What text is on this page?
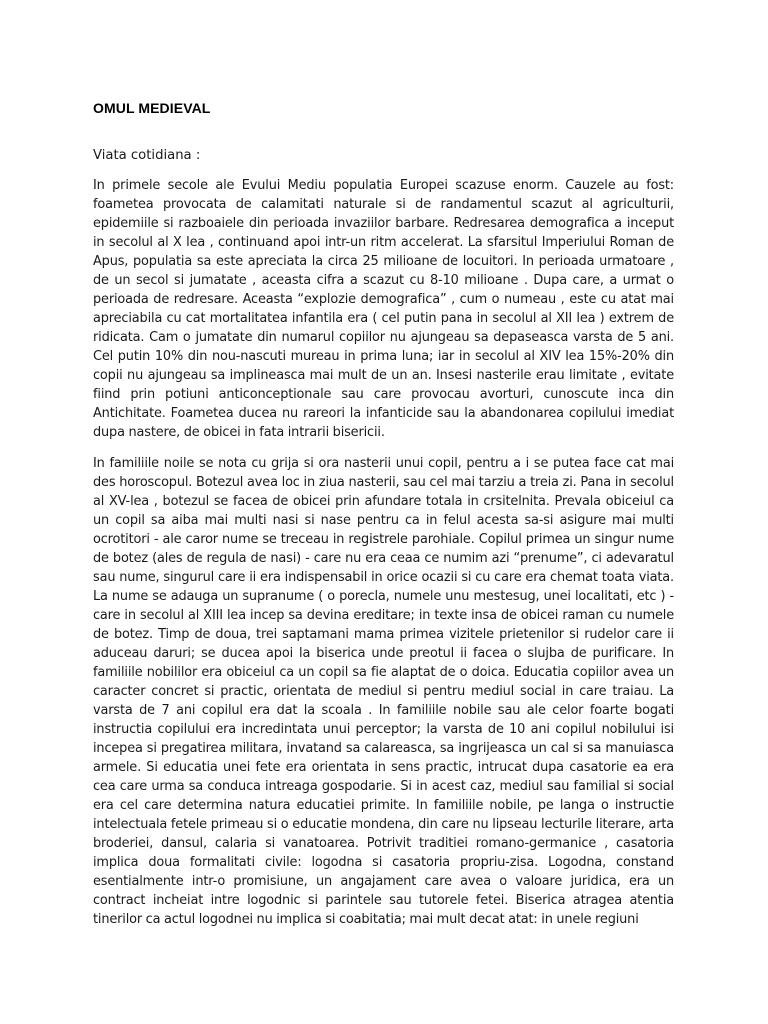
OMUL MEDIEVAL

Viata cotidiana :

In primele secole ale Evului Mediu populatia Europei scazuse enorm. Cauzele au fost: foametea provocata de calamitati naturale si de randamentul scazut al agriculturii, epidemiile si razboaiele din perioada invaziilor barbare. Redresarea demografica a inceput in secolul al X lea , continuand apoi intr-un ritm accelerat. La sfarsitul Imperiului Roman de Apus, populatia sa este apreciata la circa 25 milioane de locuitori. In perioada urmatoare , de un secol si jumatate , aceasta cifra a scazut cu 8-10 milioane . Dupa care, a urmat o perioada de redresare. Aceasta “explozie demografica” , cum o numeau , este cu atat mai apreciabila cu cat mortalitatea infantila era ( cel putin pana in secolul al XII lea ) extrem de ridicata. Cam o jumatate din numarul copiilor nu ajungeau sa depaseasca varsta de 5 ani. Cel putin 10% din nou-nascuti mureau in prima luna; iar in secolul al XIV lea 15%-20% din copii nu ajungeau sa implineasca mai mult de un an. Insesi nasterile erau limitate , evitate fiind prin potiuni anticonceptionale sau care provocau avorturi, cunoscute inca din Antichitate. Foametea ducea nu rareori la infanticide sau la abandonarea copilului imediat dupa nastere, de obicei in fata intrarii bisericii.

In familiile noile se nota cu grija si ora nasterii unui copil, pentru a i se putea face cat mai des horoscopul. Botezul avea loc in ziua nasterii, sau cel mai tarziu a treia zi. Pana in secolul al XV-lea , botezul se facea de obicei prin afundare totala in crsitelnita. Prevala obiceiul ca un copil sa aiba mai multi nasi si nase pentru ca in felul acesta sa-si asigure mai multi ocrotitori - ale caror nume se treceau in registrele parohiale. Copilul primea un singur nume de botez (ales de regula de nasi) - care nu era ceaa ce numim azi “prenume”, ci adevaratul sau nume, singurul care ii era indispensabil in orice ocazii si cu care era chemat toata viata. La nume se adauga un supranume ( o porecla, numele unu mestesug, unei localitati, etc ) - care in secolul al XIII lea incep sa devina ereditare; in texte insa de obicei raman cu numele de botez. Timp de doua, trei saptamani mama primea vizitele prietenilor si rudelor care ii aduceau daruri; se ducea apoi la biserica unde preotul ii facea o slujba de purificare. In familiile nobililor era obiceiul ca un copil sa fie alaptat de o doica. Educatia copiilor avea un caracter concret si practic, orientata de mediul si pentru mediul social in care traiau. La varsta de 7 ani copilul era dat la scoala . In familiile nobile sau ale celor foarte bogati instructia copilului era incredintata unui perceptor; la varsta de 10 ani copilul nobilului isi incepea si pregatirea militara, invatand sa calareasca, sa ingrijeasca un cal si sa manuiasca armele. Si educatia unei fete era orientata in sens practic, intrucat dupa casatorie ea era cea care urma sa conduca intreaga gospodarie. Si in acest caz, mediul sau familial si social era cel care determina natura educatiei primite. In familiile nobile, pe langa o instructie intelectuala fetele primeau si o educatie mondena, din care nu lipseau lecturile literare, arta broderiei, dansul, calaria si vanatoarea. Potrivit traditiei romano-germanice , casatoria implica doua formalitati civile: logodna si casatoria propriu-zisa. Logodna, constand esentialmente intr-o promisiune, un angajament care avea o valoare juridica, era un contract incheiat intre logodnic si parintele sau tutorele fetei. Biserica atragea atentia tinerilor ca actul logodnei nu implica si coabitatia; mai mult decat atat: in unele regiuni
